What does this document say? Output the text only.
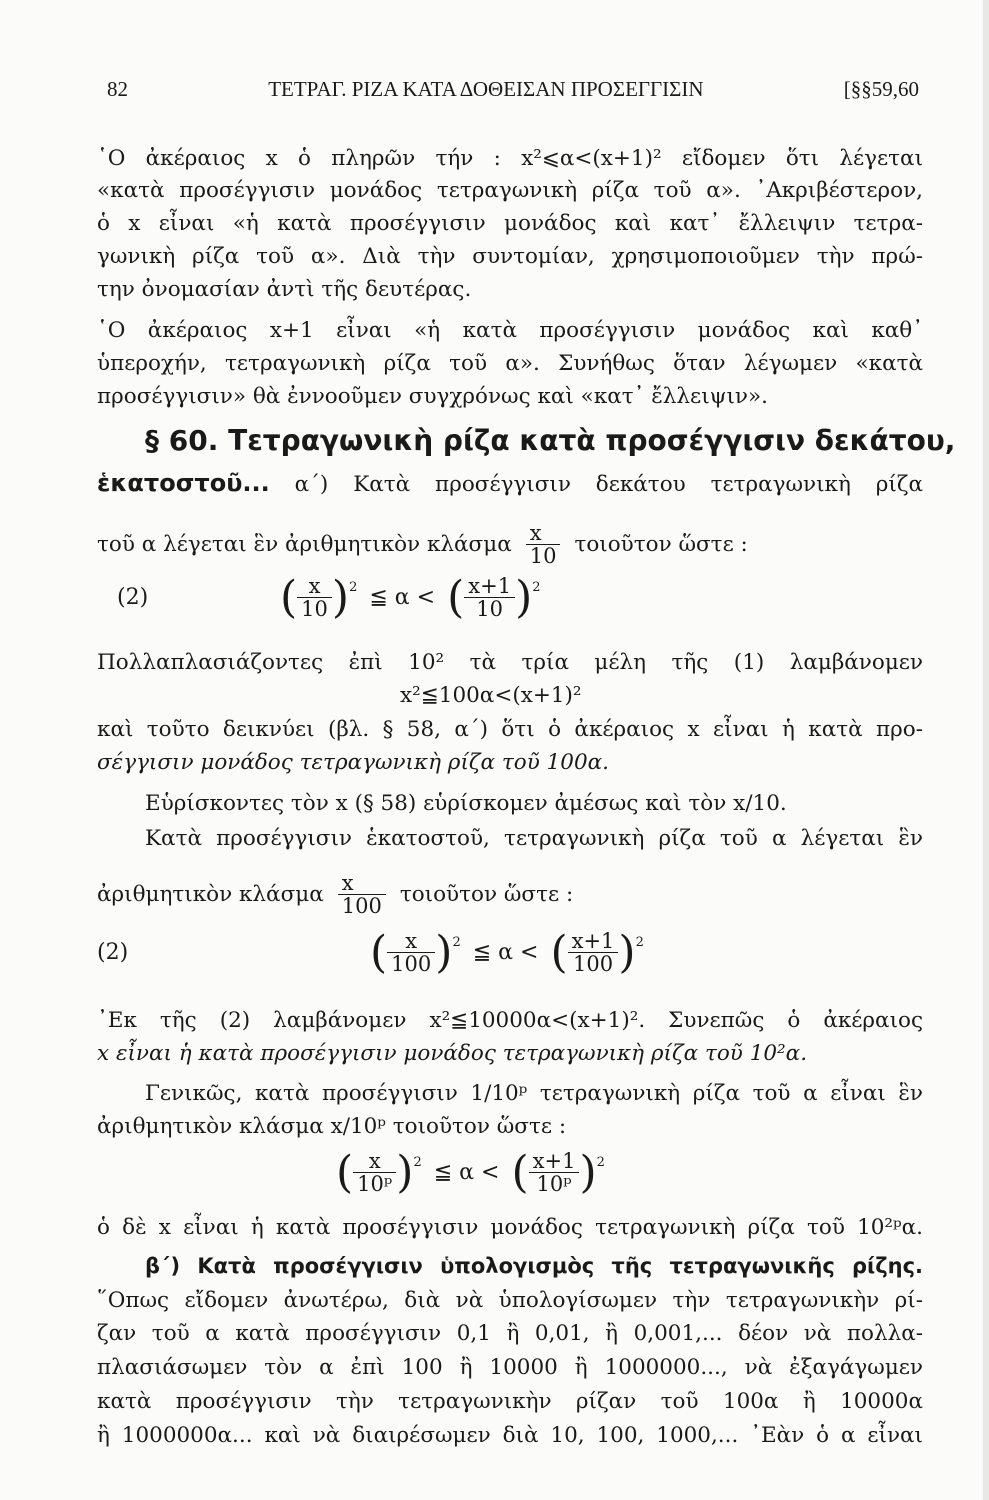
82	ΤΕΤΡΑΓ. ΡΙΖΑ ΚΑΤΑ ΔΟΘΕΙΣΑΝ ΠΡΟΣΕΓΓΙΣΙΝ	[§§59,60

῾Ο ἀκέραιος x ὁ πληρῶν τήν : x²⩽α<(x+1)² εἴδομεν ὅτι λέγεται

«κατὰ προσέγγισιν μονάδος τετραγωνικὴ ρίζα τοῦ α». ᾿Ακριβέστερον,

ὁ x εἶναι «ἡ κατὰ προσέγγισιν μονάδος καὶ κατ᾽ ἔλλειψιν τετρα-

γωνικὴ ρίζα τοῦ α». Διὰ τὴν συντομίαν, χρησιμοποιοῦμεν τὴν πρώ-

την ὀνομασίαν ἀντὶ τῆς δευτέρας.

῾Ο ἀκέραιος x+1 εἶναι «ἡ κατὰ προσέγγισιν μονάδος καὶ καθ᾽

ὑπεροχήν, τετραγωνικὴ ρίζα τοῦ α». Συνήθως ὅταν λέγωμεν «κατὰ

προσέγγισιν» θὰ ἐννοοῦμεν συγχρόνως καὶ «κατ᾽ ἔλλειψιν».

§ 60. Τετραγωνικὴ ρίζα κατὰ προσέγγισιν δεκάτου,

ἑκατοστοῦ... α´) Κατὰ προσέγγισιν δεκάτου τετραγωνικὴ ρίζα
τοῦ α λέγεται ἓν ἀριθμητικὸν κλάσμα $\frac{x}{10}$ τοιοῦτον ὥστε :
(2)	( $\frac{x}{10} )^2$ ≦ α < ( $\frac{x+1}{10} )^2$

Πολλαπλασιάζοντες ἐπὶ 10² τὰ τρία μέλη τῆς (1) λαμβάνομεν

x²≦100α<(x+1)²

καὶ τοῦτο δεικνύει (βλ. § 58, α´) ὅτι ὁ ἀκέραιος x εἶναι ἡ κατὰ προ-

σέγγισιν μονάδος τετραγωνικὴ ρίζα τοῦ 100α.

Εὑρίσκοντες τὸν x (§ 58) εὑρίσκομεν ἀμέσως καὶ τὸν x/10.

Κατὰ προσέγγισιν ἑκατοστοῦ, τετραγωνικὴ ρίζα τοῦ α λέγεται ἓν

ἀριθμητικὸν κλάσμα $\frac{x}{100}$ τοιοῦτον ὥστε :
(2)	( $\frac{x}{100} )^2$ ≦ α < ( $\frac{x+1}{100} )^2$

᾿Εκ τῆς (2) λαμβάνομεν x²≦10000α<(x+1)². Συνεπῶς ὁ ἀκέραιος

x εἶναι ἡ κατὰ προσέγγισιν μονάδος τετραγωνικὴ ρίζα τοῦ 10²α.

Γενικῶς, κατὰ προσέγγισιν 1/10ᵖ τετραγωνικὴ ρίζα τοῦ α εἶναι ἓν

ἀριθμητικὸν κλάσμα x/10ᵖ τοιοῦτον ὥστε :

( $\frac{x}{\text{10ᵖ}} )^2$ ≦ α < ( $\frac{x+1}{\text{10ᵖ}} )^2$

ὁ δὲ x εἶναι ἡ κατὰ προσέγγισιν μονάδος τετραγωνικὴ ρίζα τοῦ 10²ᵖα.

β´) Κατὰ προσέγγισιν ὑπολογισμὸς τῆς τετραγωνικῆς ρίζης.

῞Οπως εἴδομεν ἀνωτέρω, διὰ νὰ ὑπολογίσωμεν τὴν τετραγωνικὴν ρί-

ζαν τοῦ α κατὰ προσέγγισιν 0,1 ἢ 0,01, ἢ 0,001,... δέον νὰ πολλα-

πλασιάσωμεν τὸν α ἐπὶ 100 ἢ 10000 ἢ 1000000..., νὰ ἐξαγάγωμεν

κατὰ προσέγγισιν τὴν τετραγωνικὴν ρίζαν τοῦ 100α ἢ 10000α

ἢ 1000000α... καὶ νὰ διαιρέσωμεν διὰ 10, 100, 1000,... ᾿Εὰν ὁ α εἶναι
